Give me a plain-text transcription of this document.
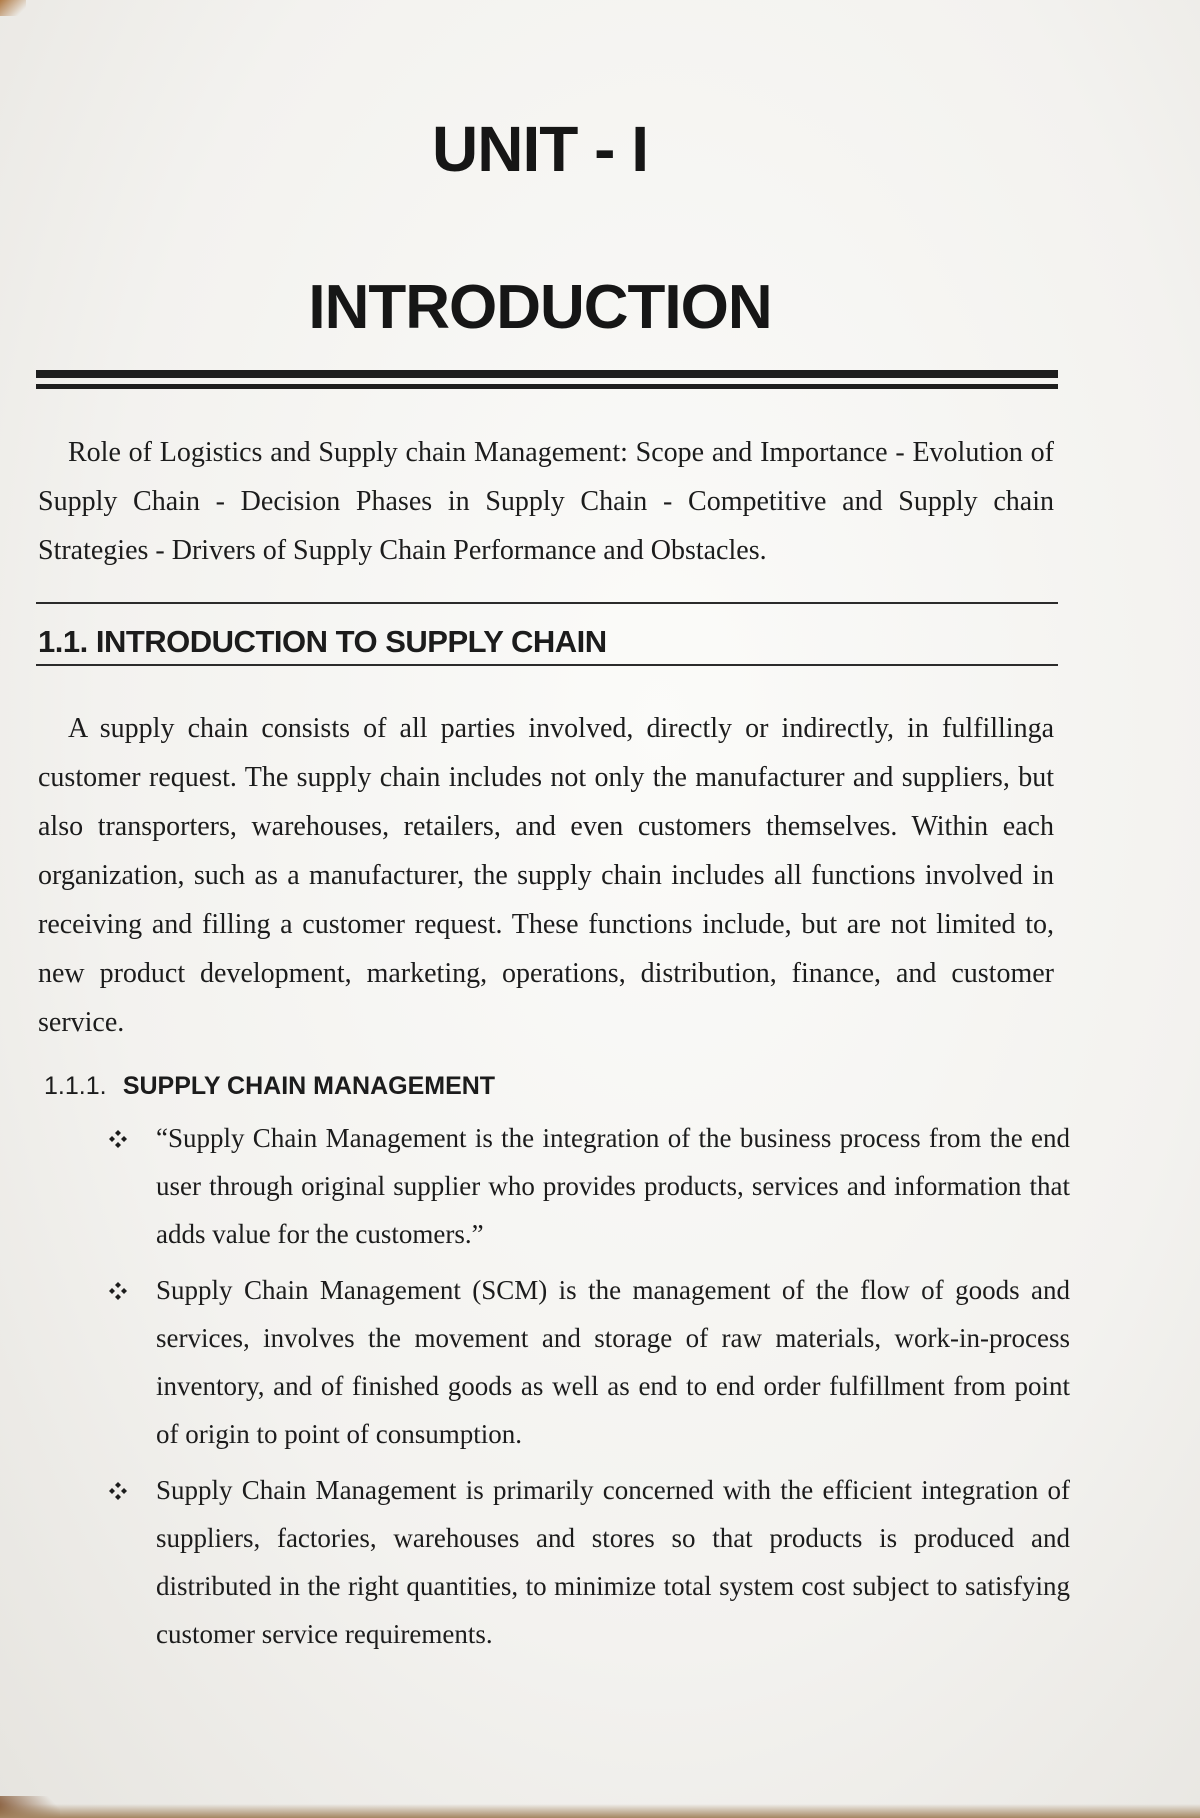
UNIT - I
INTRODUCTION

Role of Logistics and Supply chain Management: Scope and Importance - Evolution of Supply Chain - Decision Phases in Supply Chain - Competitive and Supply chain Strategies - Drivers of Supply Chain Performance and Obstacles.

1.1. INTRODUCTION TO SUPPLY CHAIN

A supply chain consists of all parties involved, directly or indirectly, in fulfillinga customer request. The supply chain includes not only the manufacturer and suppliers, but also transporters, warehouses, retailers, and even customers themselves. Within each organization, such as a manufacturer, the supply chain includes all functions involved in receiving and filling a customer request. These functions include, but are not limited to, new product development, marketing, operations, distribution, finance, and customer service.

1.1.1. SUPPLY CHAIN MANAGEMENT
“Supply Chain Management is the integration of the business process from the end user through original supplier who provides products, services and information that adds value for the customers.”
Supply Chain Management (SCM) is the management of the flow of goods and services, involves the movement and storage of raw materials, work-in-process inventory, and of finished goods as well as end to end order fulfillment from point of origin to point of consumption.
Supply Chain Management is primarily concerned with the efficient integration of suppliers, factories, warehouses and stores so that products is produced and distributed in the right quantities, to minimize total system cost subject to satisfying customer service requirements.
